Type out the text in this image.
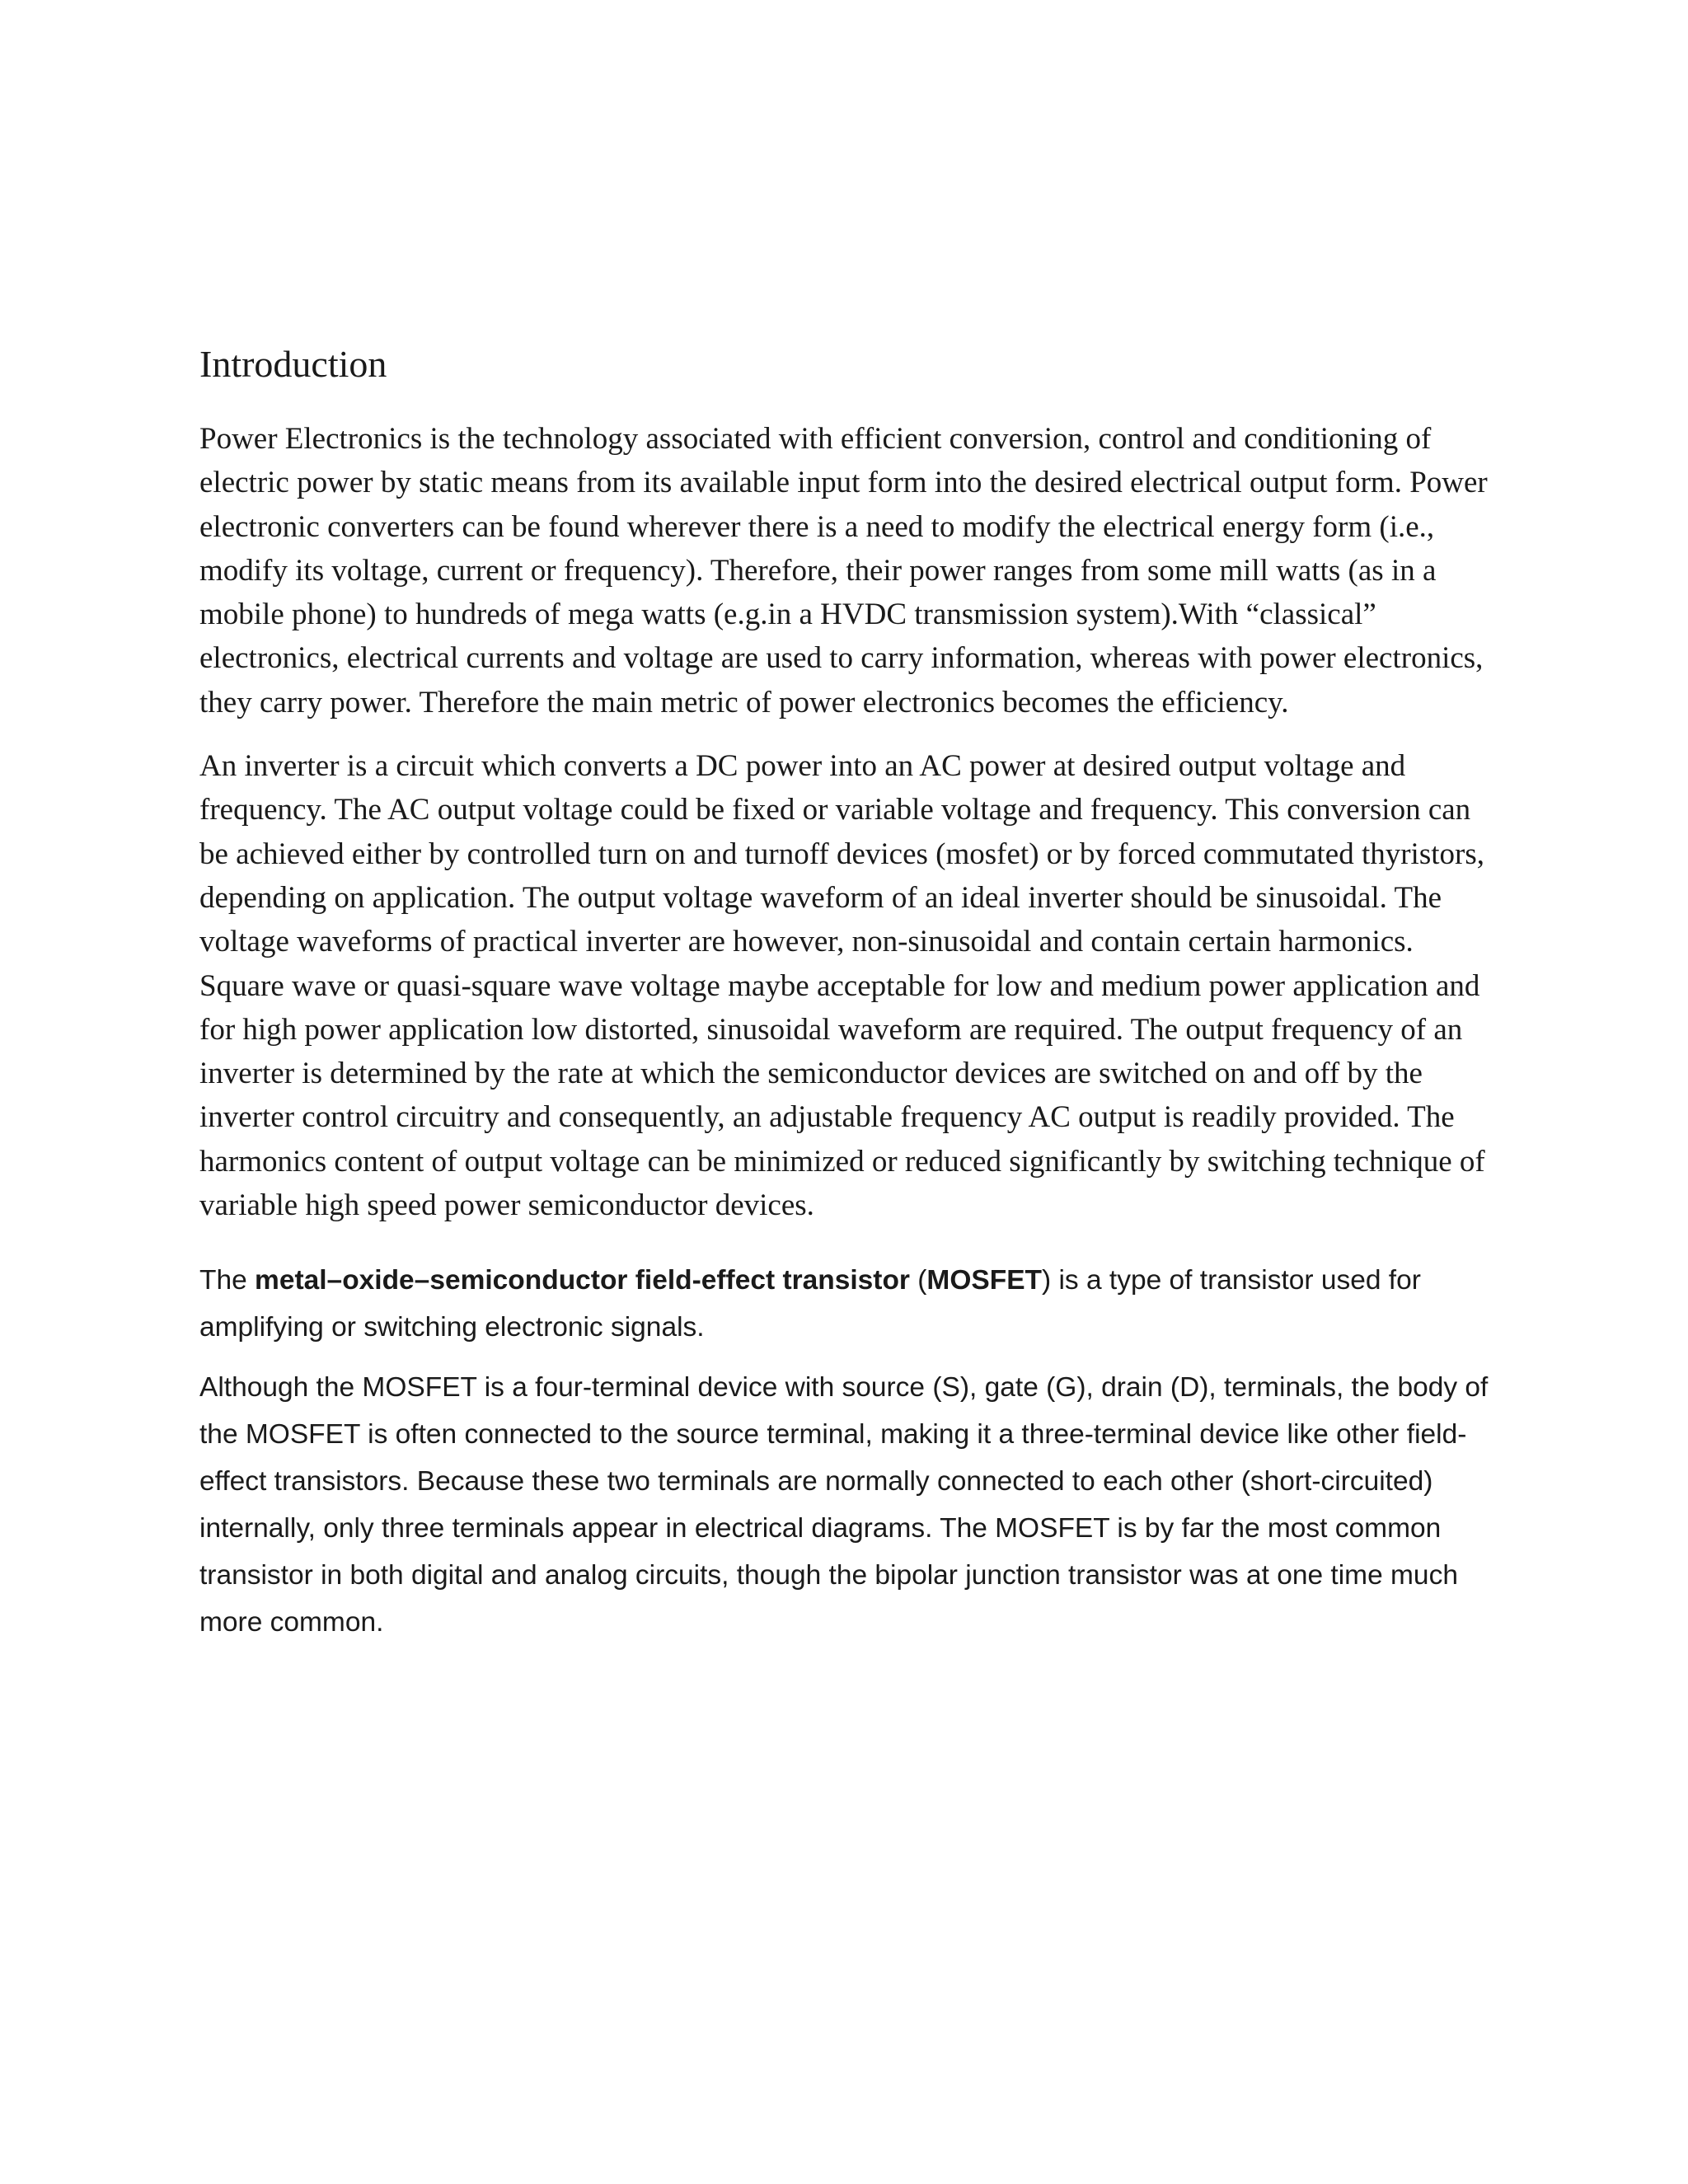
Introduction

Power Electronics is the technology associated with efficient conversion, control and conditioning of electric power by static means from its available input form into the desired electrical output form. Power electronic converters can be found wherever there is a need to modify the electrical energy form (i.e., modify its voltage, current or frequency). Therefore, their power ranges from some mill watts (as in a mobile phone) to hundreds of mega watts (e.g.in a HVDC transmission system).With “classical” electronics, electrical currents and voltage are used to carry information, whereas with power electronics, they carry power. Therefore the main metric of power electronics becomes the efficiency.

An inverter is a circuit which converts a DC power into an AC power at desired output voltage and frequency. The AC output voltage could be fixed or variable voltage and frequency. This conversion can be achieved either by controlled turn on and turnoff devices (mosfet) or by forced commutated thyristors, depending on application. The output voltage waveform of an ideal inverter should be sinusoidal. The voltage waveforms of practical inverter are however, non-sinusoidal and contain certain harmonics. Square wave or quasi-square wave voltage maybe acceptable for low and medium power application and for high power application low distorted, sinusoidal waveform are required. The output frequency of an inverter is determined by the rate at which the semiconductor devices are switched on and off by the inverter control circuitry and consequently, an adjustable frequency AC output is readily provided. The harmonics content of output voltage can be minimized or reduced significantly by switching technique of variable high speed power semiconductor devices.

The metal–oxide–semiconductor field-effect transistor (MOSFET) is a type of transistor used for amplifying or switching electronic signals.

Although the MOSFET is a four-terminal device with source (S), gate (G), drain (D), terminals, the body of the MOSFET is often connected to the source terminal, making it a three-terminal device like other field-effect transistors. Because these two terminals are normally connected to each other (short-circuited) internally, only three terminals appear in electrical diagrams. The MOSFET is by far the most common transistor in both digital and analog circuits, though the bipolar junction transistor was at one time much more common.
